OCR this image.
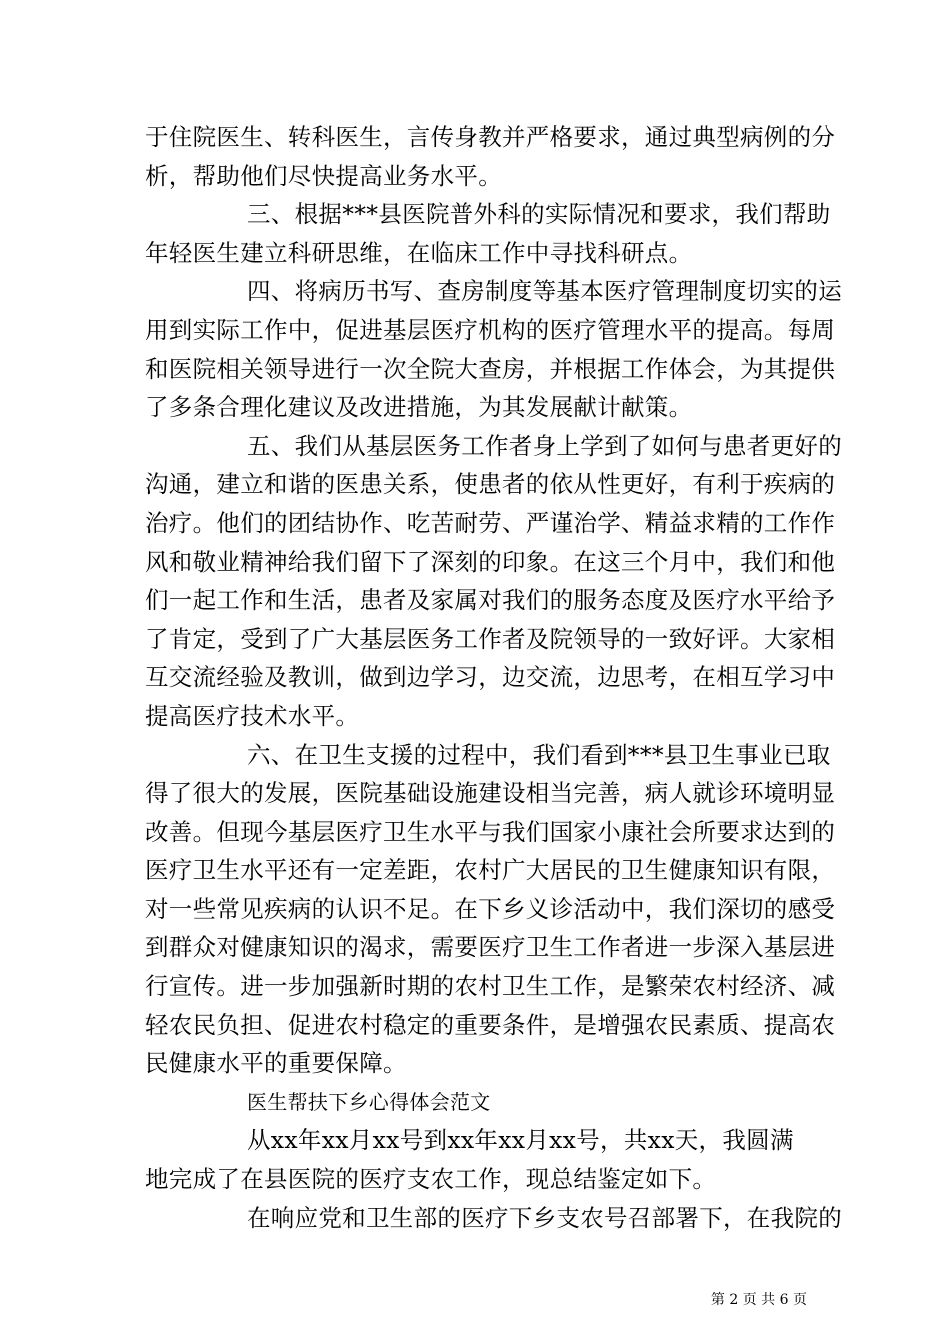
于住院医生、转科医生，言传身教并严格要求，通过典型病例的分
析，帮助他们尽快提高业务水平。
三、根据***县医院普外科的实际情况和要求，我们帮助
年轻医生建立科研思维，在临床工作中寻找科研点。
四、将病历书写、查房制度等基本医疗管理制度切实的运
用到实际工作中，促进基层医疗机构的医疗管理水平的提高。每周
和医院相关领导进行一次全院大查房，并根据工作体会，为其提供
了多条合理化建议及改进措施，为其发展献计献策。
五、我们从基层医务工作者身上学到了如何与患者更好的
沟通，建立和谐的医患关系，使患者的依从性更好，有利于疾病的
治疗。他们的团结协作、吃苦耐劳、严谨治学、精益求精的工作作
风和敬业精神给我们留下了深刻的印象。在这三个月中，我们和他
们一起工作和生活，患者及家属对我们的服务态度及医疗水平给予
了肯定，受到了广大基层医务工作者及院领导的一致好评。大家相
互交流经验及教训，做到边学习，边交流，边思考，在相互学习中
提高医疗技术水平。
六、在卫生支援的过程中，我们看到***县卫生事业已取
得了很大的发展，医院基础设施建设相当完善，病人就诊环境明显
改善。但现今基层医疗卫生水平与我们国家小康社会所要求达到的
医疗卫生水平还有一定差距，农村广大居民的卫生健康知识有限，
对一些常见疾病的认识不足。在下乡义诊活动中，我们深切的感受
到群众对健康知识的渴求，需要医疗卫生工作者进一步深入基层进
行宣传。进一步加强新时期的农村卫生工作，是繁荣农村经济、减
轻农民负担、促进农村稳定的重要条件，是增强农民素质、提高农
民健康水平的重要保障。
医生帮扶下乡心得体会范文
从xx年xx月xx号到xx年xx月xx号，共xx天，我圆满
地完成了在县医院的医疗支农工作，现总结鉴定如下。
在响应党和卫生部的医疗下乡支农号召部署下，在我院的
第 2 页 共 6 页
